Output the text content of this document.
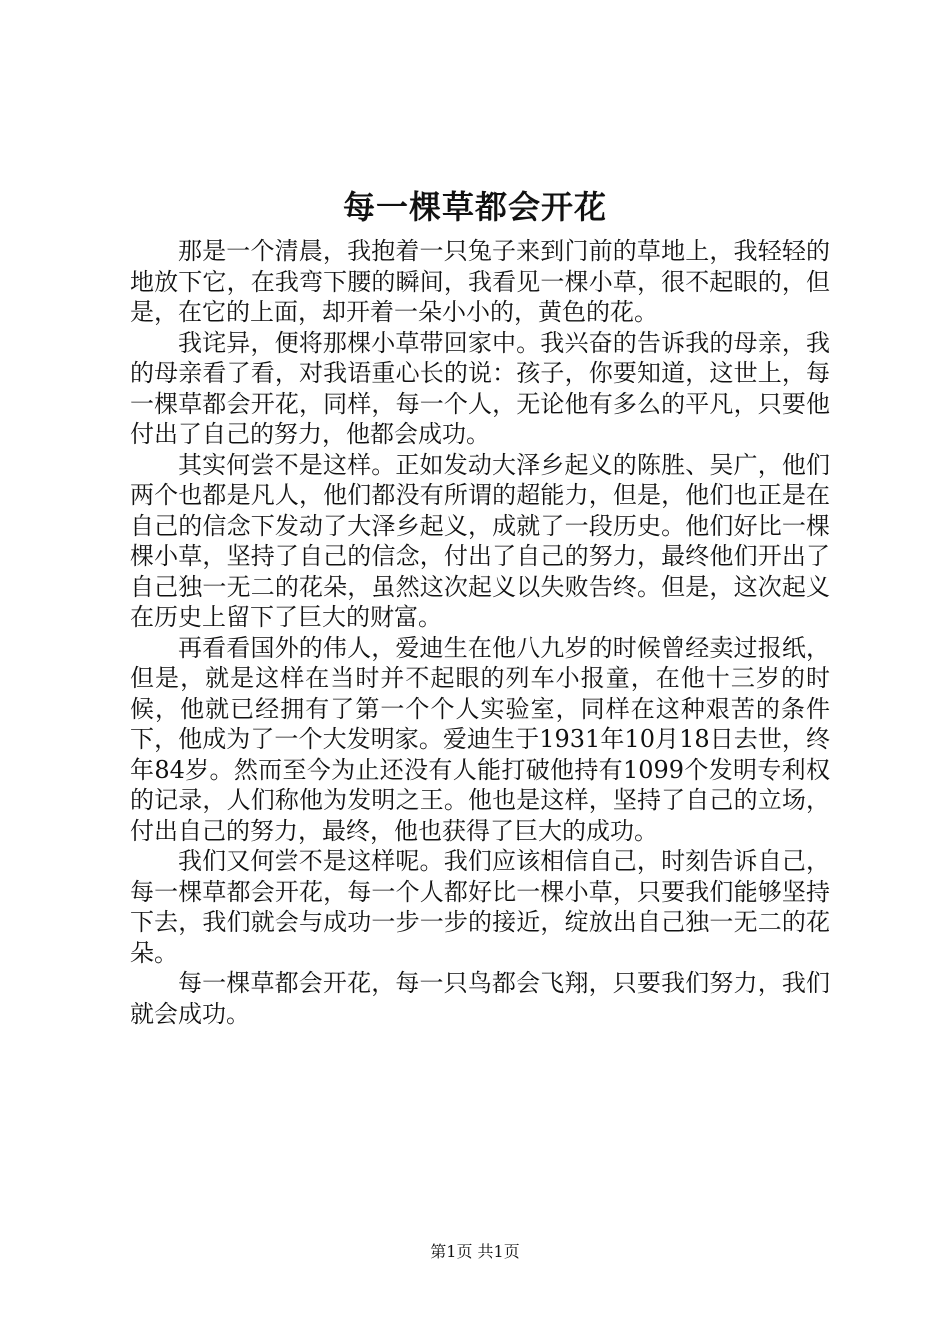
每一棵草都会开花

那是一个清晨，我抱着一只兔子来到门前的草地上，我轻轻的地放下它，在我弯下腰的瞬间，我看见一棵小草，很不起眼的，但是，在它的上面，却开着一朵小小的，黄色的花。

我诧异，便将那棵小草带回家中。我兴奋的告诉我的母亲，我的母亲看了看，对我语重心长的说：孩子，你要知道，这世上，每一棵草都会开花，同样，每一个人，无论他有多么的平凡，只要他付出了自己的努力，他都会成功。

其实何尝不是这样。正如发动大泽乡起义的陈胜、吴广，他们两个也都是凡人，他们都没有所谓的超能力，但是，他们也正是在自己的信念下发动了大泽乡起义，成就了一段历史。他们好比一棵棵小草，坚持了自己的信念，付出了自己的努力，最终他们开出了自己独一无二的花朵，虽然这次起义以失败告终。但是，这次起义在历史上留下了巨大的财富。

再看看国外的伟人，爱迪生在他八九岁的时候曾经卖过报纸，但是，就是这样在当时并不起眼的列车小报童，在他十三岁的时候，他就已经拥有了第一个个人实验室，同样在这种艰苦的条件下，他成为了一个大发明家。爱迪生于1931年10月18日去世，终年84岁。然而至今为止还没有人能打破他持有1099个发明专利权的记录，人们称他为发明之王。他也是这样，坚持了自己的立场，付出自己的努力，最终，他也获得了巨大的成功。

我们又何尝不是这样呢。我们应该相信自己，时刻告诉自己，每一棵草都会开花，每一个人都好比一棵小草，只要我们能够坚持下去，我们就会与成功一步一步的接近，绽放出自己独一无二的花朵。

每一棵草都会开花，每一只鸟都会飞翔，只要我们努力，我们就会成功。

第1页 共1页
